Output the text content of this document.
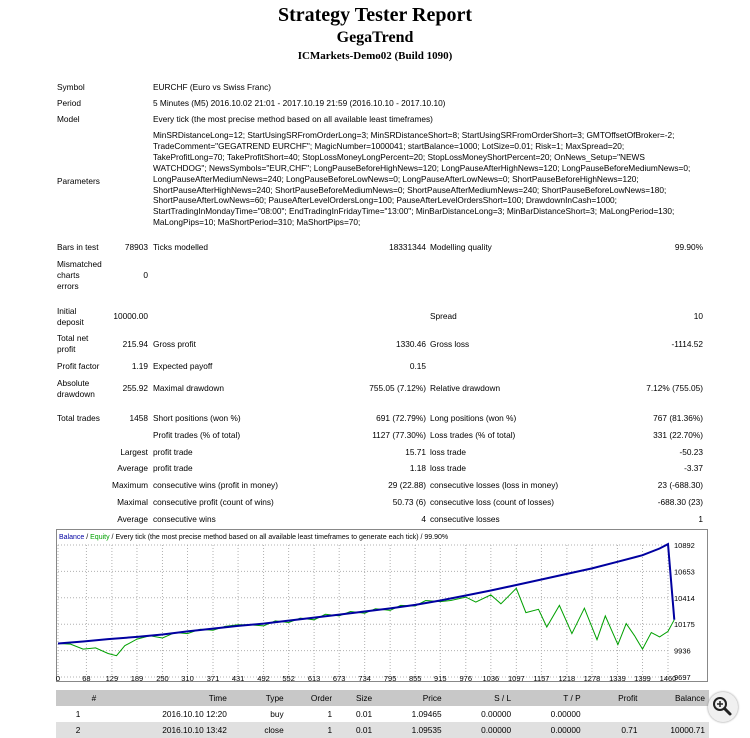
Strategy Tester Report
GegaTrend
ICMarkets-Demo02 (Build 1090)
Symbol	EURCHF (Euro vs Swiss Franc)
Period	5 Minutes (M5) 2016.10.02 21:01 - 2017.10.19 21:59 (2016.10.10 - 2017.10.10)
Model	Every tick (the most precise method based on all available least timeframes)
Parameters
MinSRDistanceLong=12; StartUsingSRFromOrderLong=3; MinSRDistanceShort=8; StartUsingSRFromOrderShort=3; GMTOffsetOfBroker=-2; TradeComment="GEGATREND EURCHF"; MagicNumber=1000041; startBalance=1000; LotSize=0.01; Risk=1; MaxSpread=20; TakeProfitLong=70; TakeProfitShort=40; StopLossMoneyLongPercent=20; StopLossMoneyShortPercent=20; OnNews_Setup="NEWS WATCHDOG"; NewsSymbols="EUR,CHF"; LongPauseBeforeHighNews=120; LongPauseAfterHighNews=120; LongPauseBeforeMediumNews=0; LongPauseAfterMediumNews=240; LongPauseBeforeLowNews=0; LongPauseAfterLowNews=0; ShortPauseBeforeHighNews=120; ShortPauseAfterHighNews=240; ShortPauseBeforeMediumNews=0; ShortPauseAfterMediumNews=240; ShortPauseBeforeLowNews=180; ShortPauseAfterLowNews=60; PauseAfterLevelOrdersLong=100; PauseAfterLevelOrdersShort=100; DrawdownInCash=1000; StartTradingInMondayTime="08:00"; EndTradingInFridayTime="13:00"; MinBarDistanceLong=3; MinBarDistanceShort=3; MaLongPeriod=130; MaLongPips=10; MaShortPeriod=310; MaShortPips=70;
Bars in test	78903 Ticks modelled	18331344 Modelling quality	99.90%
Mismatched
charts
errors
0
Initial
deposit
10000.00	Spread	10
Total net
profit	215.94 Gross profit	1330.46 Gross loss	-1114.52
Profit factor	1.19 Expected payoff	0.15
Absolute
drawdown
255.92 Maximal drawdown	755.05 (7.12%) Relative drawdown	7.12% (755.05)
Total trades	1458 Short positions (won %)	691 (72.79%) Long positions (won %)	767 (81.36%)
Profit trades (% of total)	1127 (77.30%) Loss trades (% of total)	331 (22.70%)
Largest profit trade	15.71 loss trade	-50.23
Average profit trade	1.18 loss trade	-3.37
Maximum consecutive wins (profit in money)	29 (22.88) consecutive losses (loss in money)	23 (-688.30)
Maximal consecutive profit (count of wins)	50.73 (6) consecutive loss (count of losses)	-688.30 (23)
Average consecutive wins	4 consecutive losses	1
10892
10653
10414
10175
9936
9697
0	68 129 189 250 310 371 431 492 552 613 673 734 795 855 915 976 1036 1097 1157 1218 1278 1339 1399 1460
Balance / Equity / Every tick (the most precise method based on all available least timeframes to generate each tick) / 99.90%
#	Time	Type	Order	Size	Price	S / L	T / P	Profit	Balance
1	2016.10.10 12:20	buy	1	0.01	1.09465	0.00000	0.00000		
2	2016.10.10 13:42	close	1	0.01	1.09535	0.00000	0.00000	0.71	10000.71
